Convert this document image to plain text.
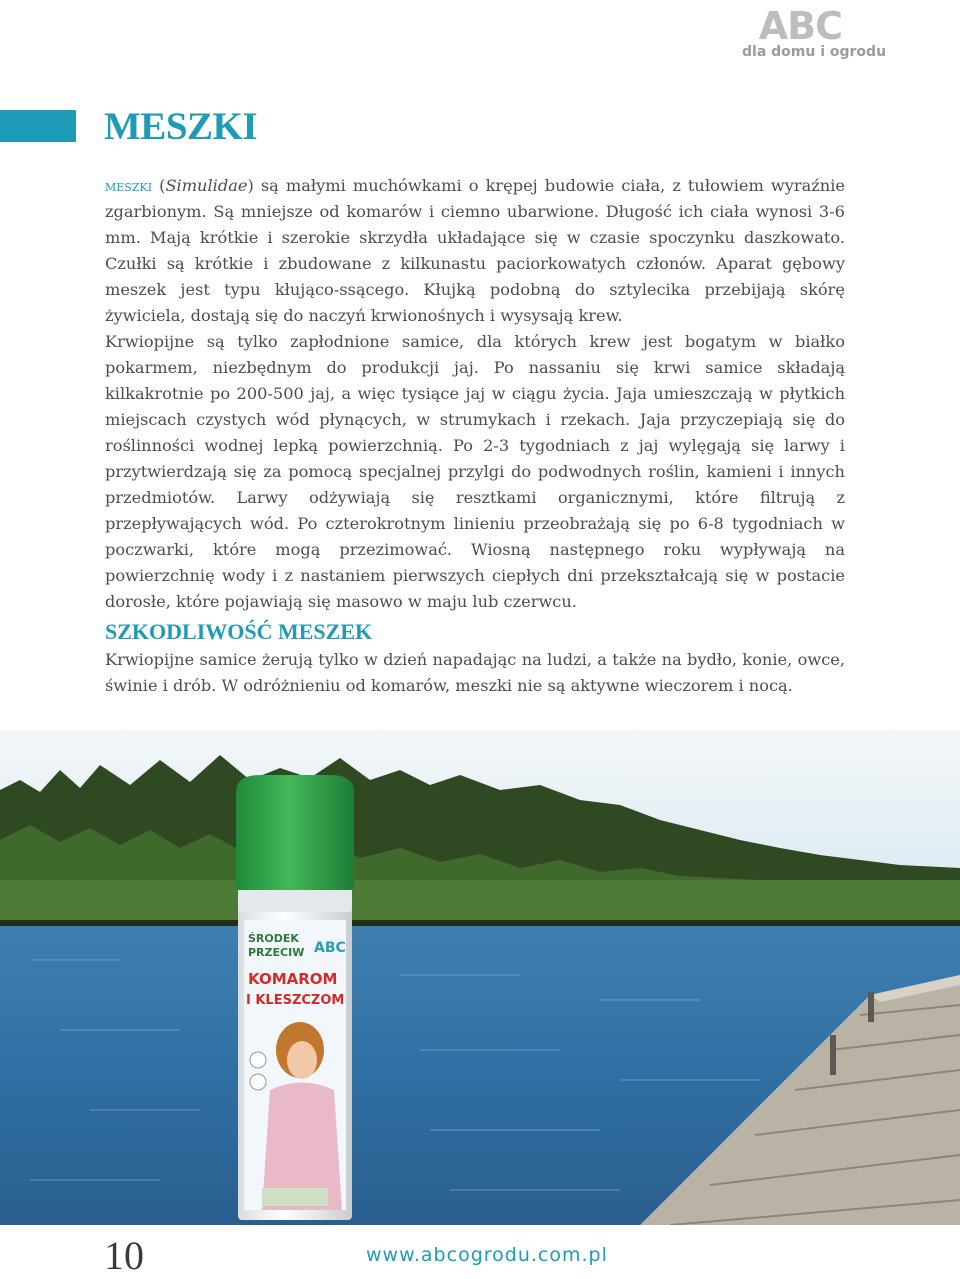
ABC
dla domu i ogrodu
MESZKI

meszki (Simulidae) są małymi muchówkami o krępej budowie ciała, z tułowiem wyraźnie zgarbionym. Są mniejsze od komarów i ciemno ubarwione. Długość ich ciała wynosi 3-6 mm. Mają krótkie i szerokie skrzydła układające się w czasie spoczynku daszkowato. Czułki są krótkie i zbudowane z kilkunastu paciorkowatych członów. Aparat gębowy meszek jest typu kłująco-ssącego. Kłujką podobną do sztylecika przebijają skórę żywiciela, dostają się do naczyń krwionośnych i wysysają krew.

Krwiopijne są tylko zapłodnione samice, dla których krew jest bogatym w białko pokarmem, niezbędnym do produkcji jaj. Po nassaniu się krwi samice składają kilkakrotnie po 200-500 jaj, a więc tysiące jaj w ciągu życia. Jaja umieszczają w płytkich miejscach czystych wód płynących, w strumykach i rzekach. Jaja przyczepiają się do roślinności wodnej lepką powierzchnią. Po 2-3 tygodniach z jaj wylęgają się larwy i przytwierdzają się za pomocą specjalnej przylgi do podwodnych roślin, kamieni i innych przedmiotów. Larwy odżywiają się resztkami organicznymi, które filtrują z przepływających wód. Po czterokrotnym linieniu przeobrażają się po 6-8 tygodniach w poczwarki, które mogą przezimować. Wiosną następnego roku wypływają na powierzchnię wody i z nastaniem pierwszych ciepłych dni przekształcają się w postacie dorosłe, które pojawiają się masowo w maju lub czerwcu.

SZKODLIWOŚĆ MESZEK

Krwiopijne samice żerują tylko w dzień napadając na ludzi, a także na bydło, konie, owce, świnie i drób. W odróżnieniu od komarów, meszki nie są aktywne wieczorem i nocą.

ŚRODEK
PRZECIW ABC
KOMAROM
I KLESZCZOM
10	www.abcogrodu.com.pl
